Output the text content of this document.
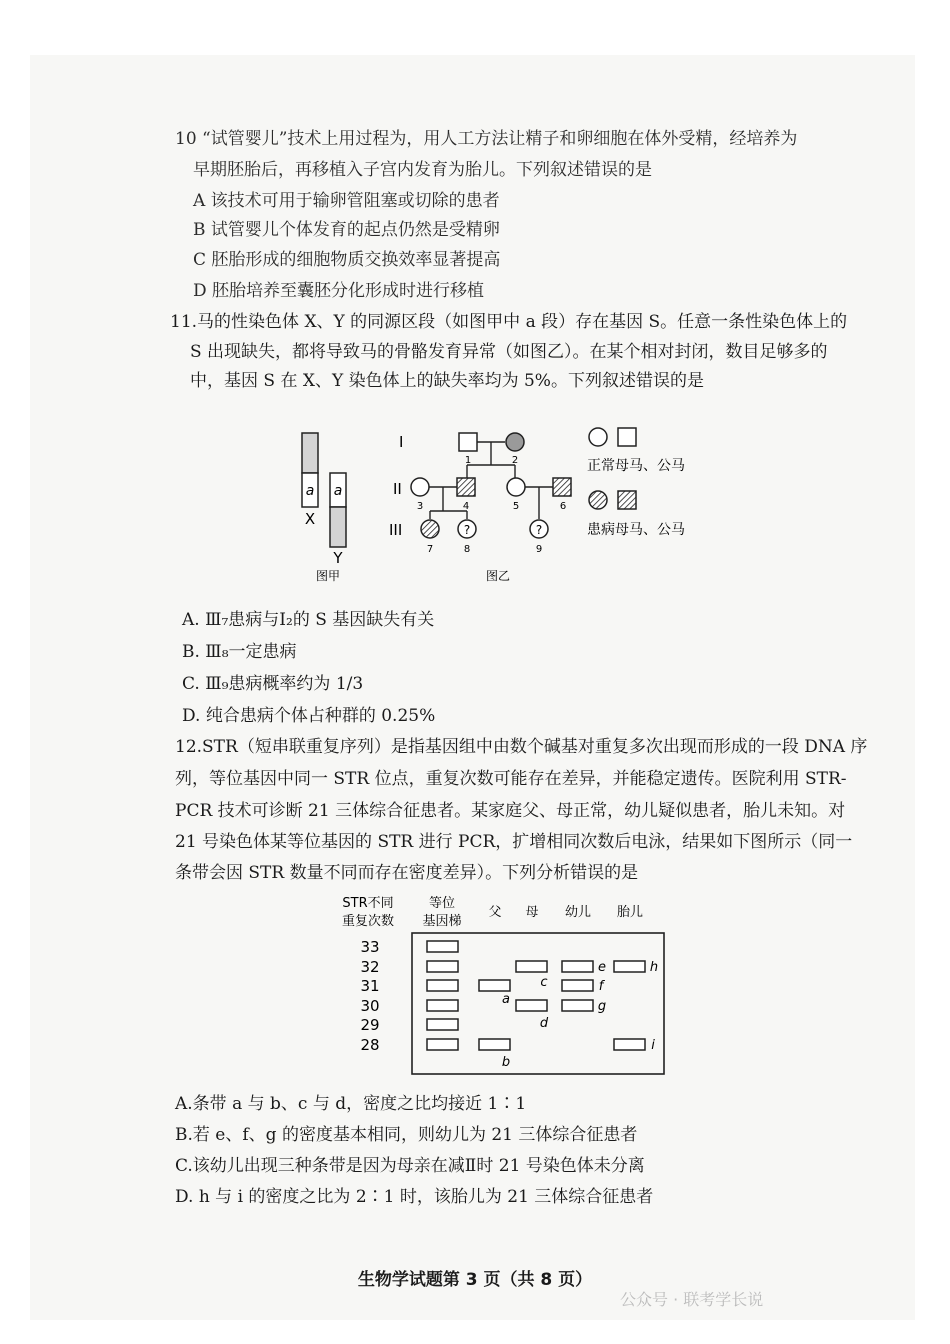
10 “试管婴儿”技术上用过程为，用人工方法让精子和卵细胞在体外受精，经培养为
早期胚胎后，再移植入子宫内发育为胎儿。下列叙述错误的是
A 该技术可用于输卵管阻塞或切除的患者
B 试管婴儿个体发育的起点仍然是受精卵
C 胚胎形成的细胞物质交换效率显著提高
D 胚胎培养至囊胚分化形成时进行移植
11.马的性染色体 X、Y 的同源区段（如图甲中 a 段）存在基因 S。任意一条性染色体上的
S 出现缺失，都将导致马的骨骼发育异常（如图乙）。在某个相对封闭，数目足够多的
中，基因 S 在 X、Y 染色体上的缺失率均为 5%。下列叙述错误的是
a a
X
Y
图甲
I
II
III
1	2
3	4	5	6
?	?
7	8	9
正常母马、公马
患病母马、公马
图乙
A. Ⅲ₇患病与Ⅰ₂的 S 基因缺失有关
B. Ⅲ₈一定患病
C. Ⅲ₉患病概率约为 1/3
D. 纯合患病个体占种群的 0.25%
12.STR（短串联重复序列）是指基因组中由数个碱基对重复多次出现而形成的一段 DNA 序
列，等位基因中同一 STR 位点，重复次数可能存在差异，并能稳定遗传。医院利用 STR-
PCR 技术可诊断 21 三体综合征患者。某家庭父、母正常，幼儿疑似患者，胎儿未知。对
21 号染色体某等位基因的 STR 进行 PCR，扩增相同次数后电泳，结果如下图所示（同一
条带会因 STR 数量不同而存在密度差异）。下列分析错误的是
STR不同
重复次数
等位
基因梯
父 母 幼儿 胎儿
33
32
31
30
29
28
a
b
c
d
e
f
g
h
i
A.条带 a 与 b、c 与 d，密度之比均接近 1∶1
B.若 e、f、g 的密度基本相同，则幼儿为 21 三体综合征患者
C.该幼儿出现三种条带是因为母亲在减Ⅱ时 21 号染色体未分离
D. h 与 i 的密度之比为 2∶1 时，该胎儿为 21 三体综合征患者
生物学试题第 3 页（共 8 页）
公众号 · 联考学长说
